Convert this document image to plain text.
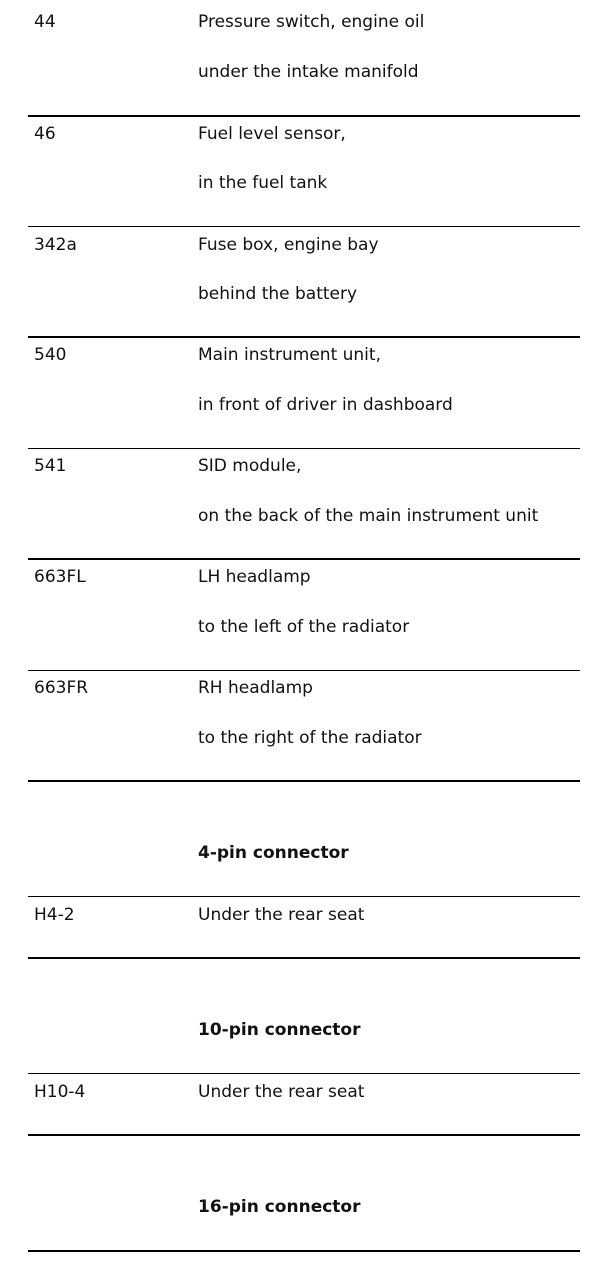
44	Pressure switch, engine oil
under the intake manifold
46	Fuel level sensor,
in the fuel tank
342a	Fuse box, engine bay
behind the battery
540	Main instrument unit,
in front of driver in dashboard
541	SID module,
on the back of the main instrument unit
663FL	LH headlamp
to the left of the radiator
663FR	RH headlamp
to the right of the radiator
4-pin connector
H4-2	Under the rear seat
10-pin connector
H10-4	Under the rear seat
16-pin connector
